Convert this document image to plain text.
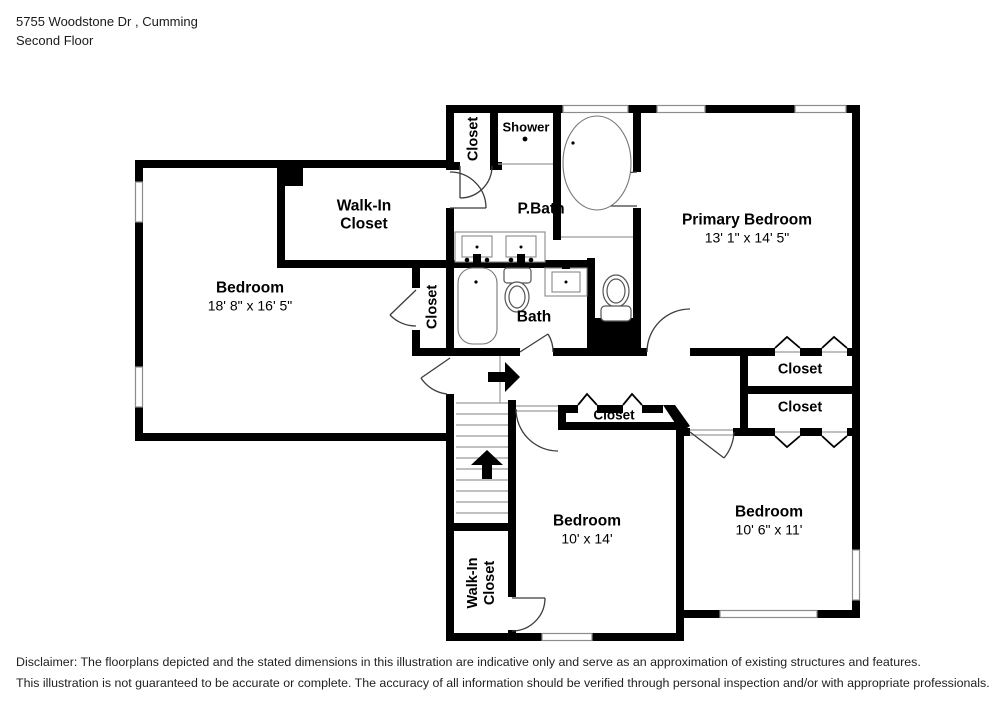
5755 Woodstone Dr , Cumming
Second Floor
Closet Shower
P.Bath
Primary Bedroom
13' 1" x 14' 5"
Walk-In
Closet
Bedroom
18' 8" x 16' 5"	Closet	Bath
Closet
Closet
Closet
Bedroom
10' x 14'
Bedroom
10' 6" x 11'
Walk-In Closet
Disclaimer: The floorplans depicted and the stated dimensions in this illustration are indicative only and serve as an approximation of existing structures and features.
This illustration is not guaranteed to be accurate or complete. The accuracy of all information should be verified through personal inspection and/or with appropriate professionals.
